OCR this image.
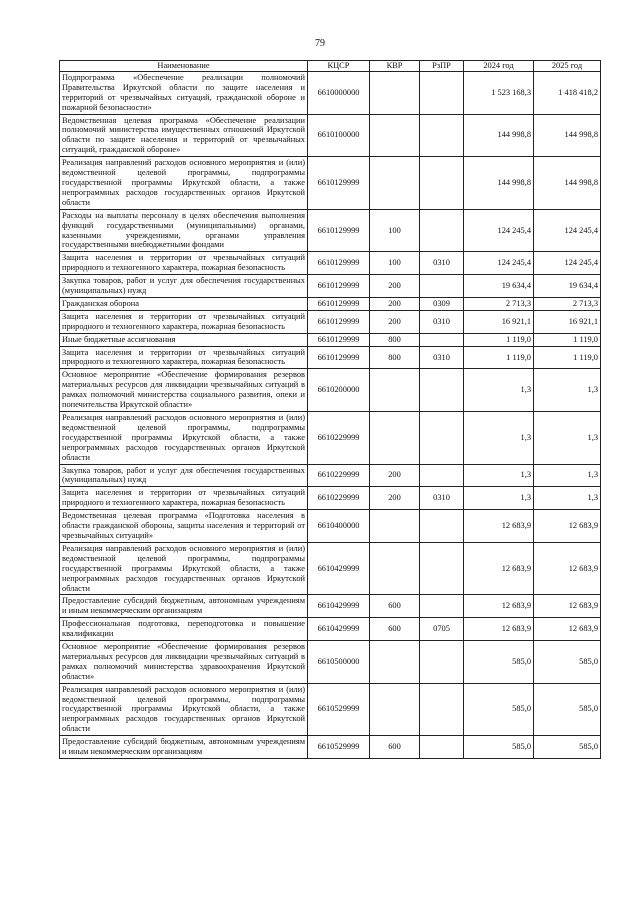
79
Наименование	КЦСР	КВР	РзПР	2024 год	2025 год
Подпрограмма «Обеспечение реализации полномочий Правительства Иркутской области по защите населения и территорий от чрезвычайных ситуаций, гражданской обороне и пожарной безопасности»	6610000000			1 523 168,3	1 418 418,2
Ведомственная целевая программа «Обеспечение реализации полномочий министерства имущественных отношений Иркутской области по защите населения и территорий от чрезвычайных ситуаций, гражданской обороне»	6610100000			144 998,8	144 998,8
Реализация направлений расходов основного мероприятия и (или) ведомственной целевой программы, подпрограммы государственной программы Иркутской области, а также непрограммных расходов государственных органов Иркутской области	6610129999			144 998,8	144 998,8
Расходы на выплаты персоналу в целях обеспечения выполнения функций государственными (муниципальными) органами, казенными учреждениями, органами управления государственными внебюджетными фондами	6610129999	100		124 245,4	124 245,4
Защита населения и территории от чрезвычайных ситуаций природного и техногенного характера, пожарная безопасность	6610129999	100	0310	124 245,4	124 245,4
Закупка товаров, работ и услуг для обеспечения государственных (муниципальных) нужд	6610129999	200		19 634,4	19 634,4
Гражданская оборона	6610129999	200	0309	2 713,3	2 713,3
Защита населения и территории от чрезвычайных ситуаций природного и техногенного характера, пожарная безопасность	6610129999	200	0310	16 921,1	16 921,1
Иные бюджетные ассигнования	6610129999	800		1 119,0	1 119,0
Защита населения и территории от чрезвычайных ситуаций природного и техногенного характера, пожарная безопасность	6610129999	800	0310	1 119,0	1 119,0
Основное мероприятие «Обеспечение формирования резервов материальных ресурсов для ликвидации чрезвычайных ситуаций в рамках полномочий министерства социального развития, опеки и попечительства Иркутской области»	6610200000			1,3	1,3
Реализация направлений расходов основного мероприятия и (или) ведомственной целевой программы, подпрограммы государственной программы Иркутской области, а также непрограммных расходов государственных органов Иркутской области	6610229999			1,3	1,3
Закупка товаров, работ и услуг для обеспечения государственных (муниципальных) нужд	6610229999	200		1,3	1,3
Защита населения и территории от чрезвычайных ситуаций природного и техногенного характера, пожарная безопасность	6610229999	200	0310	1,3	1,3
Ведомственная целевая программа «Подготовка населения в области гражданской обороны, защиты населения и территорий от чрезвычайных ситуаций»	6610400000			12 683,9	12 683,9
Реализация направлений расходов основного мероприятия и (или) ведомственной целевой программы, подпрограммы государственной программы Иркутской области, а также непрограммных расходов государственных органов Иркутской области	6610429999			12 683,9	12 683,9
Предоставление субсидий бюджетным, автономным учреждениям и иным некоммерческим организациям	6610429999	600		12 683,9	12 683,9
Профессиональная подготовка, переподготовка и повышение квалификации	6610429999	600	0705	12 683,9	12 683,9
Основное мероприятие «Обеспечение формирования резервов материальных ресурсов для ликвидации чрезвычайных ситуаций в рамках полномочий министерства здравоохранения Иркутской области»	6610500000			585,0	585,0
Реализация направлений расходов основного мероприятия и (или) ведомственной целевой программы, подпрограммы государственной программы Иркутской области, а также непрограммных расходов государственных органов Иркутской области	6610529999			585,0	585,0
Предоставление субсидий бюджетным, автономным учреждениям и иным некоммерческим организациям	6610529999	600		585,0	585,0
